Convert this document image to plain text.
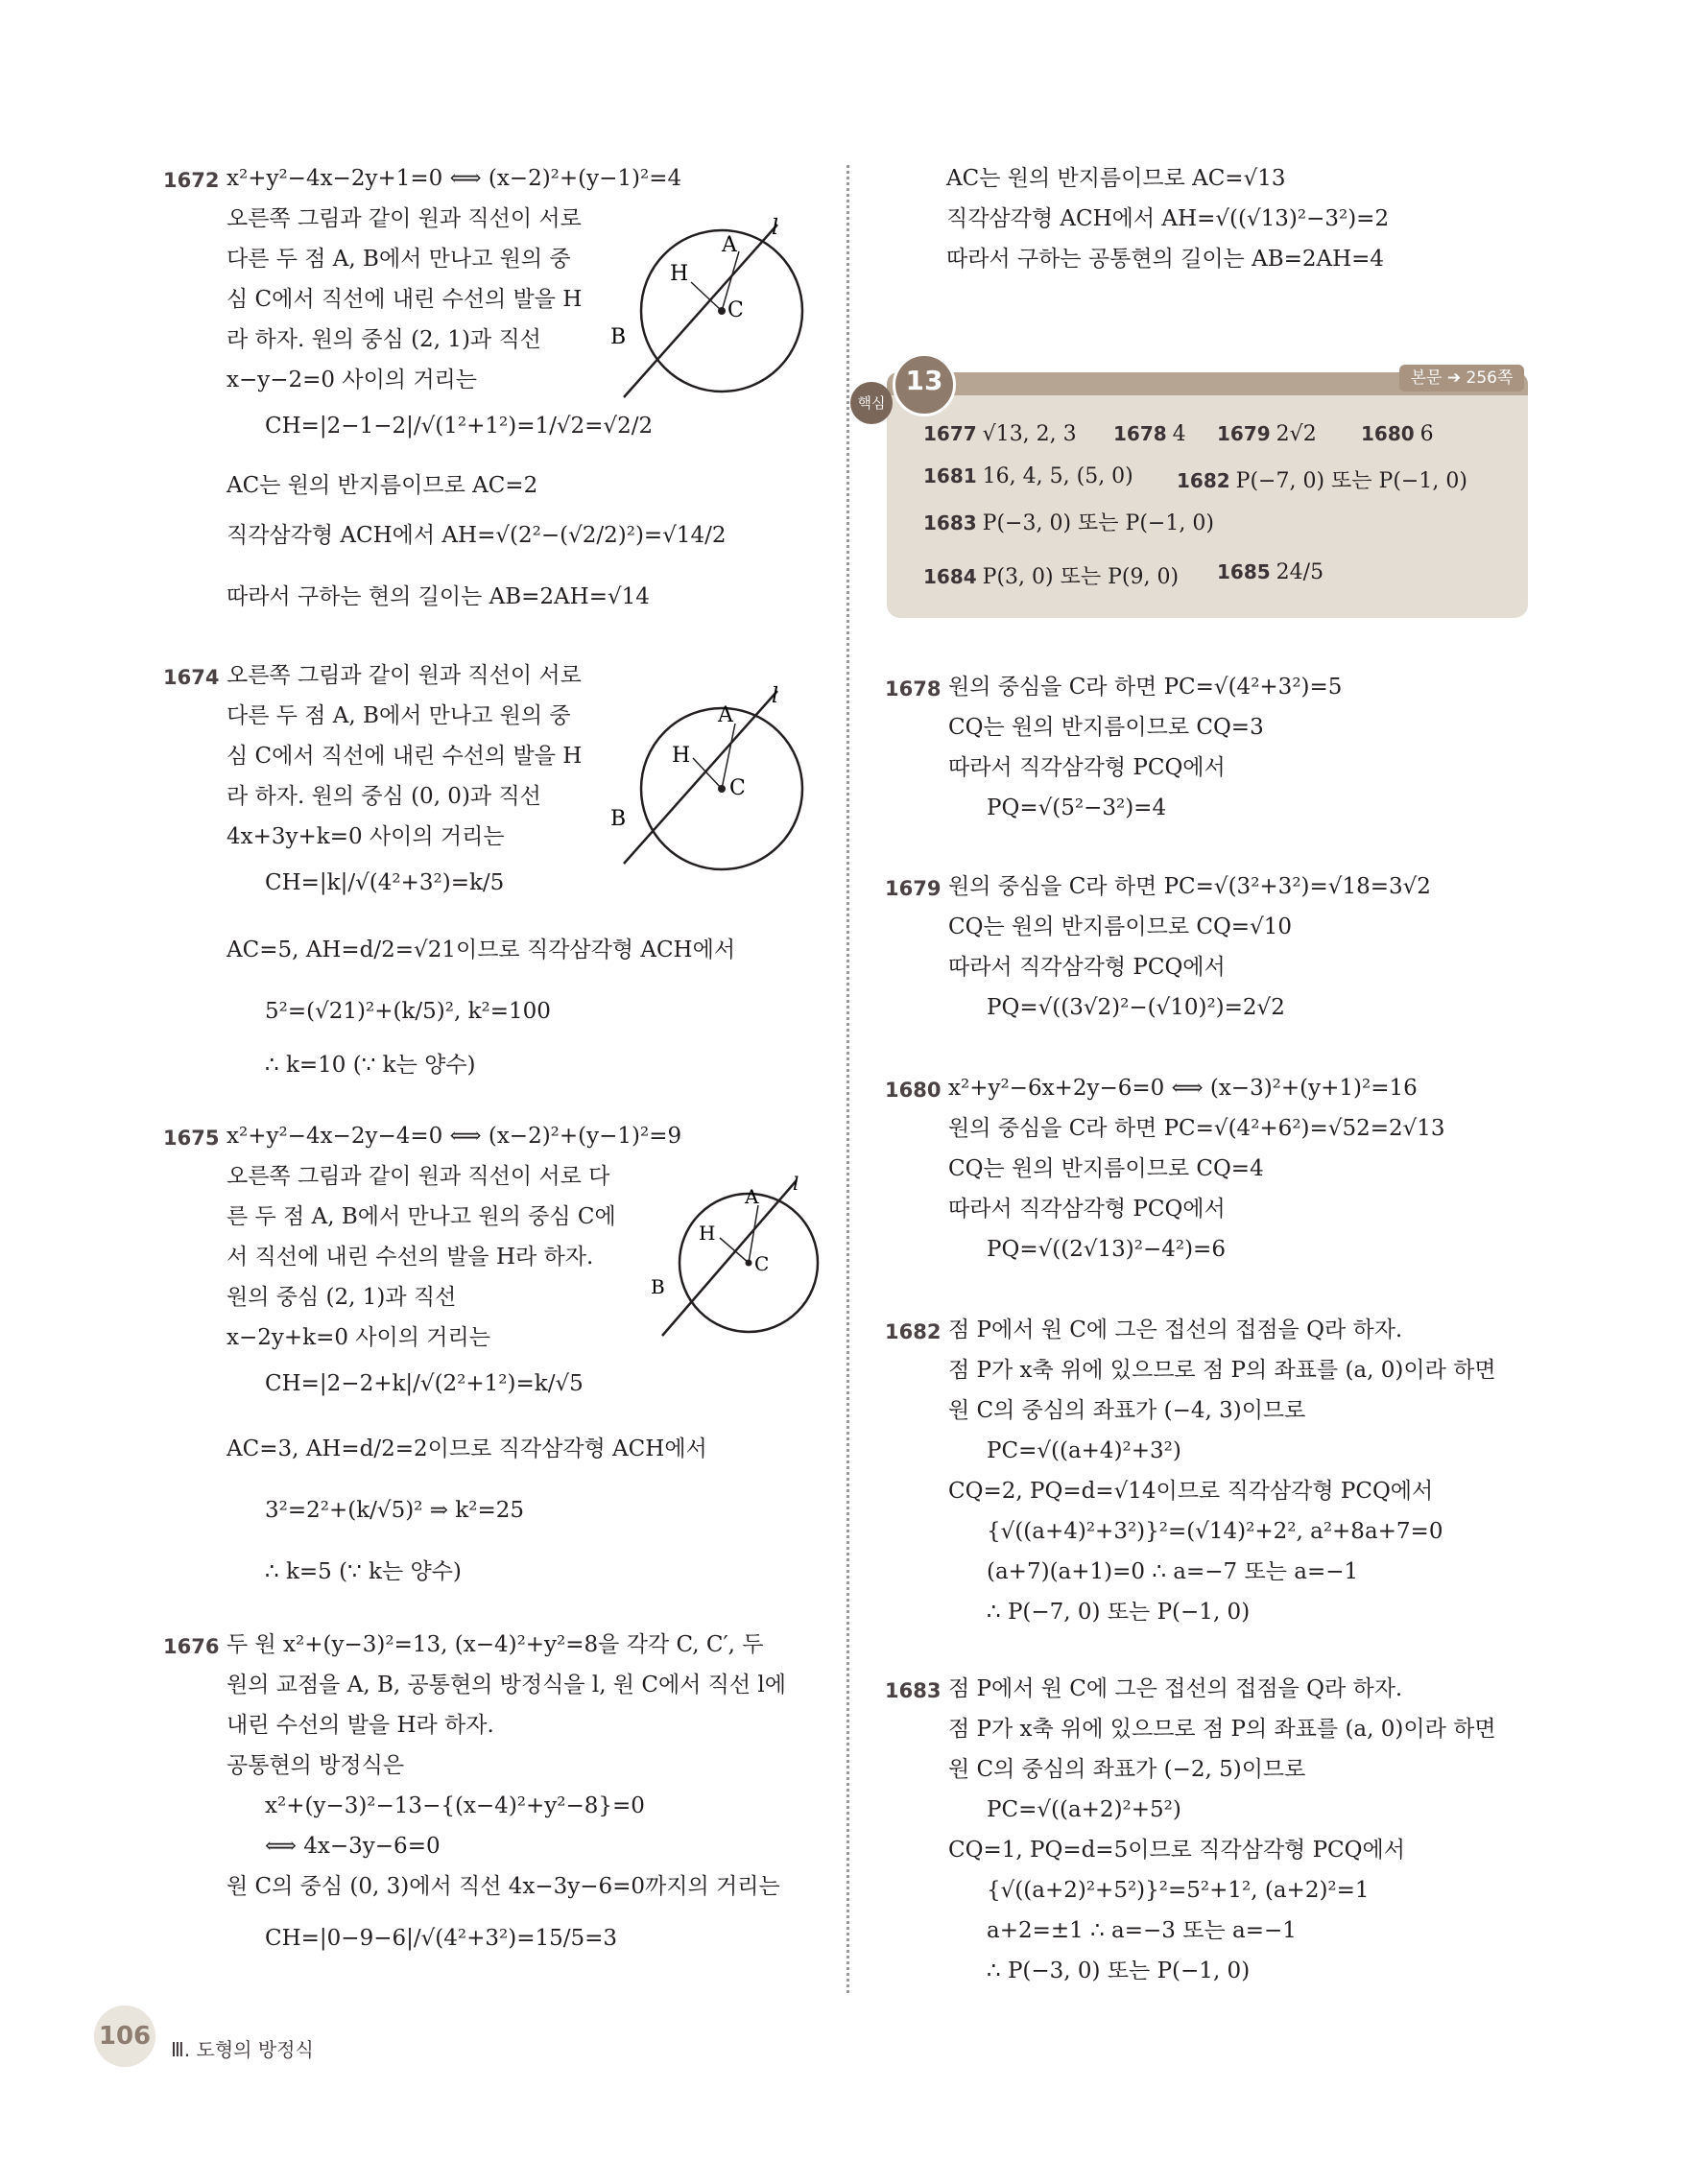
1672 x²+y²−4x−2y+1=0 ⟺ (x−2)²+(y−1)²=4
오른쪽 그림과 같이 원과 직선이 서로
다른 두 점 A, B에서 만나고 원의 중
심 C에서 직선에 내린 수선의 발을 H
라 하자. 원의 중심 (2, 1)과 직선
x−y−2=0 사이의 거리는
CH=|2−1−2|/√(1²+1²)=1/√2=√2/2
AC는 원의 반지름이므로 AC=2
직각삼각형 ACH에서 AH=√(2²−(√2/2)²)=√14/2
따라서 구하는 현의 길이는 AB=2AH=√14
A
B
C
H
l
1674 오른쪽 그림과 같이 원과 직선이 서로
다른 두 점 A, B에서 만나고 원의 중
심 C에서 직선에 내린 수선의 발을 H
라 하자. 원의 중심 (0, 0)과 직선
4x+3y+k=0 사이의 거리는
CH=|k|/√(4²+3²)=k/5
AC=5, AH=d/2=√21이므로 직각삼각형 ACH에서
5²=(√21)²+(k/5)², k²=100
∴ k=10 (∵ k는 양수)
A
B
C
H
l
1675 x²+y²−4x−2y−4=0 ⟺ (x−2)²+(y−1)²=9
오른쪽 그림과 같이 원과 직선이 서로 다
른 두 점 A, B에서 만나고 원의 중심 C에
서 직선에 내린 수선의 발을 H라 하자.
원의 중심 (2, 1)과 직선
x−2y+k=0 사이의 거리는
CH=|2−2+k|/√(2²+1²)=k/√5
AC=3, AH=d/2=2이므로 직각삼각형 ACH에서
3²=2²+(k/√5)² ⇒ k²=25
∴ k=5 (∵ k는 양수)
A
B
C
H
l
1676 두 원 x²+(y−3)²=13, (x−4)²+y²=8을 각각 C, C′, 두
원의 교점을 A, B, 공통현의 방정식을 l, 원 C에서 직선 l에
내린 수선의 발을 H라 하자.
공통현의 방정식은
x²+(y−3)²−13−{(x−4)²+y²−8}=0
⟺ 4x−3y−6=0
원 C의 중심 (0, 3)에서 직선 4x−3y−6=0까지의 거리는
CH=|0−9−6|/√(4²+3²)=15/5=3
AC는 원의 반지름이므로 AC=√13
직각삼각형 ACH에서 AH=√((√13)²−3²)=2
따라서 구하는 공통현의 길이는 AB=2AH=4
핵심
13	본문 ➔ 256쪽
1677 √13, 2, 3 1678 4 1679 2√2 1680 6
1681 16, 4, 5, (5, 0) 1682 P(−7, 0) 또는 P(−1, 0)
1683 P(−3, 0) 또는 P(−1, 0)
1684 P(3, 0) 또는 P(9, 0) 1685 24/5
1678 원의 중심을 C라 하면 PC=√(4²+3²)=5
CQ는 원의 반지름이므로 CQ=3
따라서 직각삼각형 PCQ에서
PQ=√(5²−3²)=4
1679 원의 중심을 C라 하면 PC=√(3²+3²)=√18=3√2
CQ는 원의 반지름이므로 CQ=√10
따라서 직각삼각형 PCQ에서
PQ=√((3√2)²−(√10)²)=2√2
1680 x²+y²−6x+2y−6=0 ⟺ (x−3)²+(y+1)²=16
원의 중심을 C라 하면 PC=√(4²+6²)=√52=2√13
CQ는 원의 반지름이므로 CQ=4
따라서 직각삼각형 PCQ에서
PQ=√((2√13)²−4²)=6
1682 점 P에서 원 C에 그은 접선의 접점을 Q라 하자.
점 P가 x축 위에 있으므로 점 P의 좌표를 (a, 0)이라 하면
원 C의 중심의 좌표가 (−4, 3)이므로
PC=√((a+4)²+3²)
CQ=2, PQ=d=√14이므로 직각삼각형 PCQ에서
{√((a+4)²+3²)}²=(√14)²+2², a²+8a+7=0
(a+7)(a+1)=0 ∴ a=−7 또는 a=−1
∴ P(−7, 0) 또는 P(−1, 0)
1683 점 P에서 원 C에 그은 접선의 접점을 Q라 하자.
점 P가 x축 위에 있으므로 점 P의 좌표를 (a, 0)이라 하면
원 C의 중심의 좌표가 (−2, 5)이므로
PC=√((a+2)²+5²)
CQ=1, PQ=d=5이므로 직각삼각형 PCQ에서
{√((a+2)²+5²)}²=5²+1², (a+2)²=1
a+2=±1 ∴ a=−3 또는 a=−1
∴ P(−3, 0) 또는 P(−1, 0)
106 Ⅲ. 도형의 방정식
